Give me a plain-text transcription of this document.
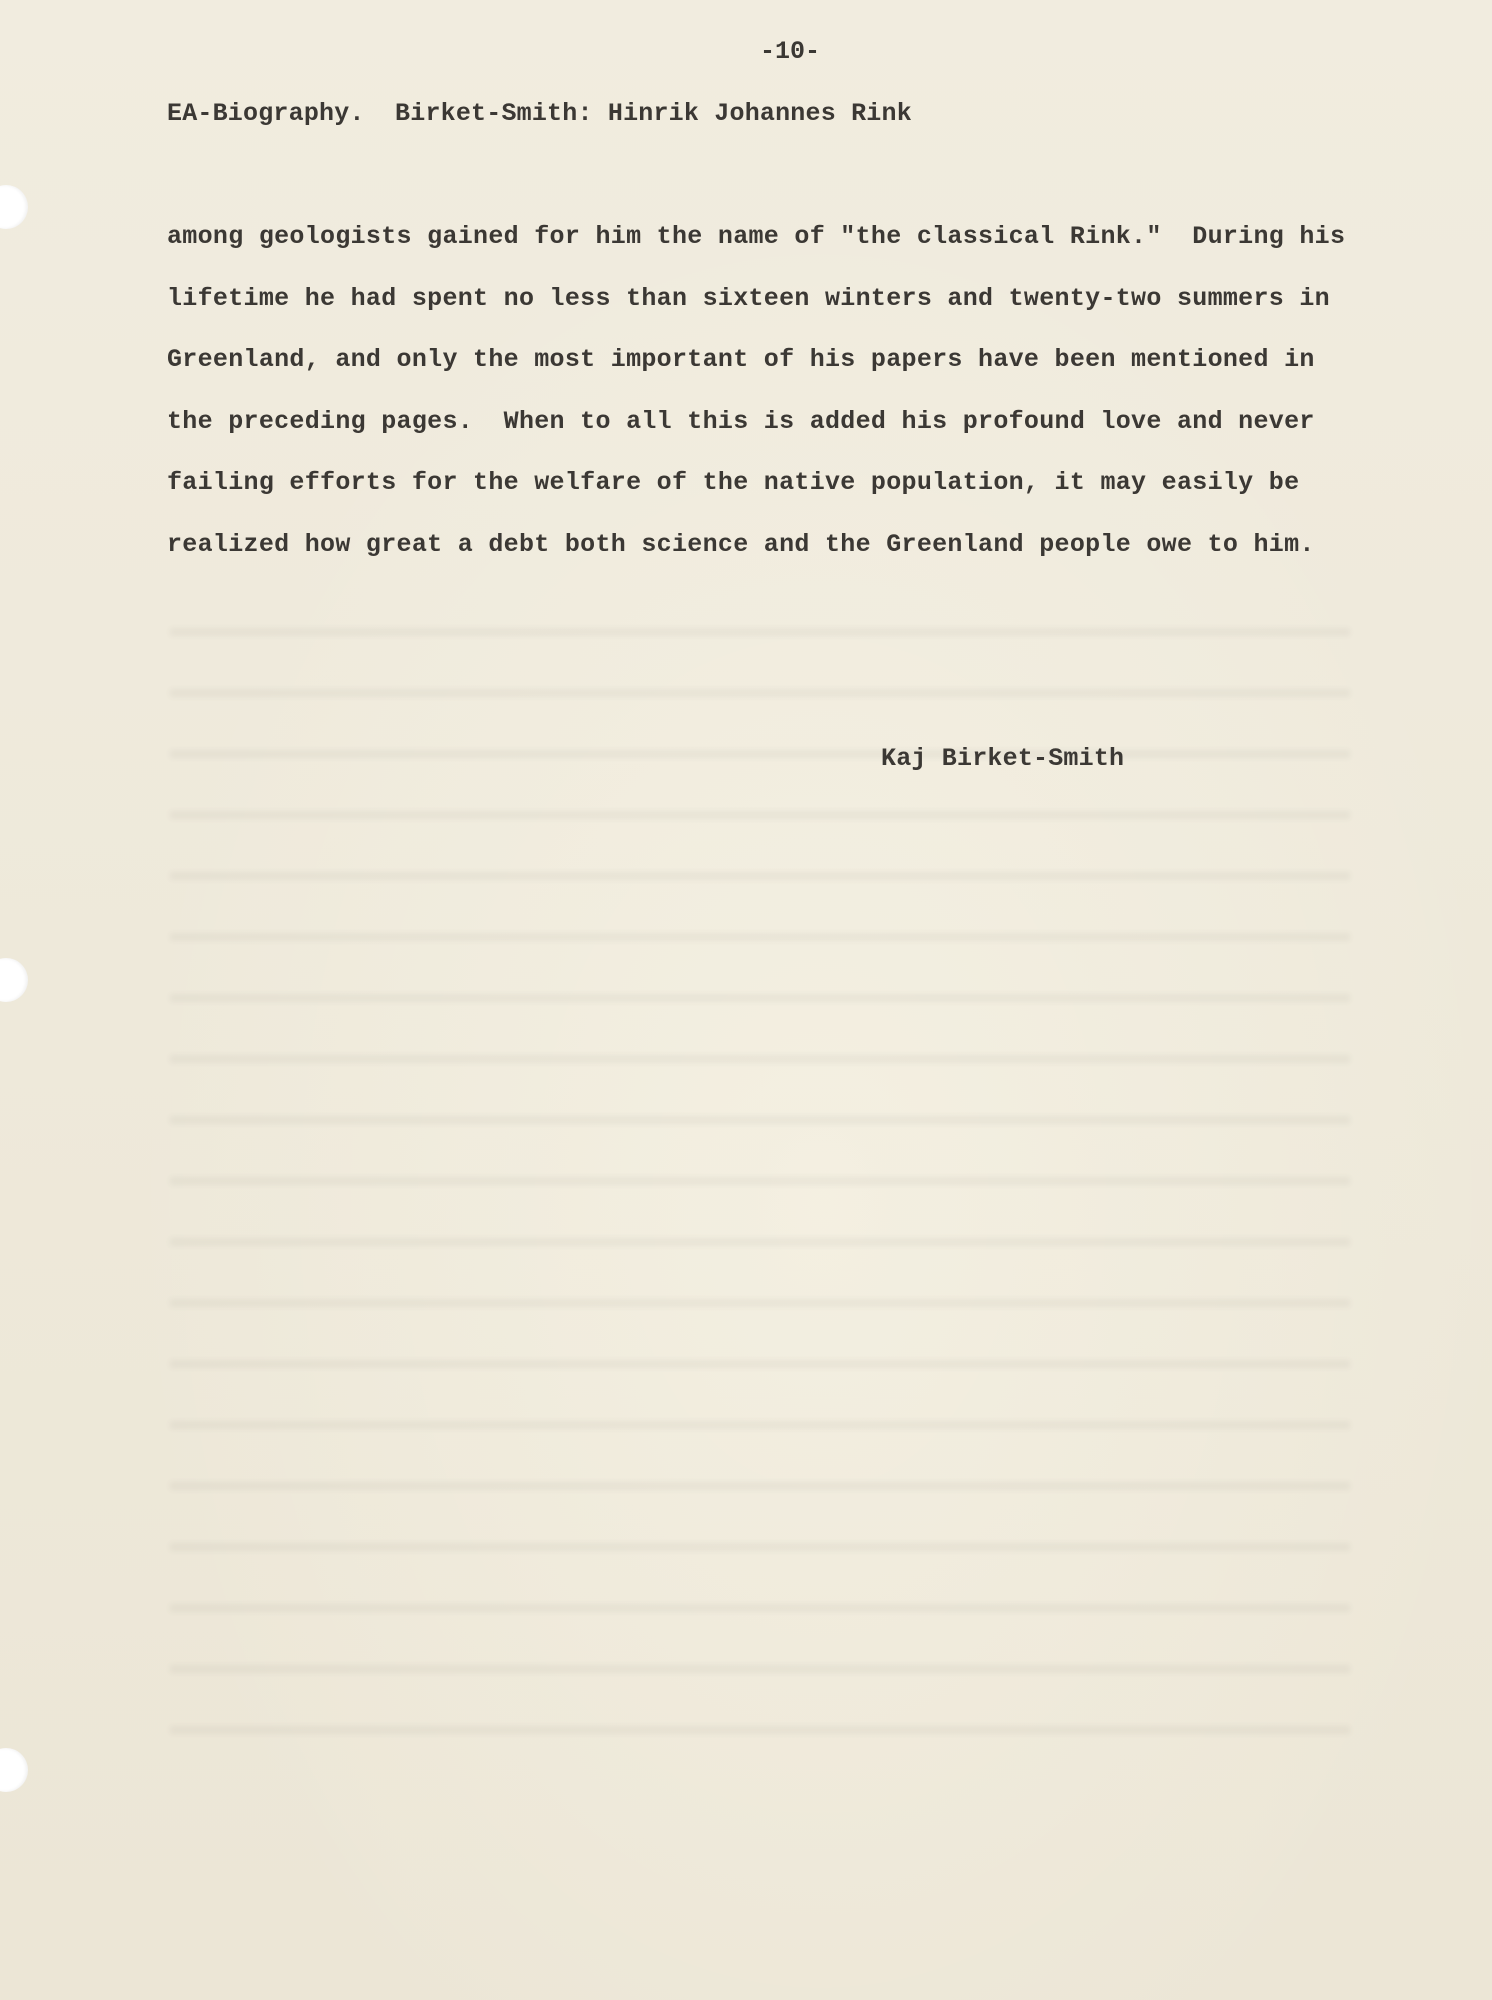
-10-
EA-Biography.  Birket-Smith: Hinrik Johannes Rink
among geologists gained for him the name of "the classical Rink."  During his
lifetime he had spent no less than sixteen winters and twenty-two summers in
Greenland, and only the most important of his papers have been mentioned in
the preceding pages.  When to all this is added his profound love and never
failing efforts for the welfare of the native population, it may easily be
realized how great a debt both science and the Greenland people owe to him.
Kaj Birket-Smith
